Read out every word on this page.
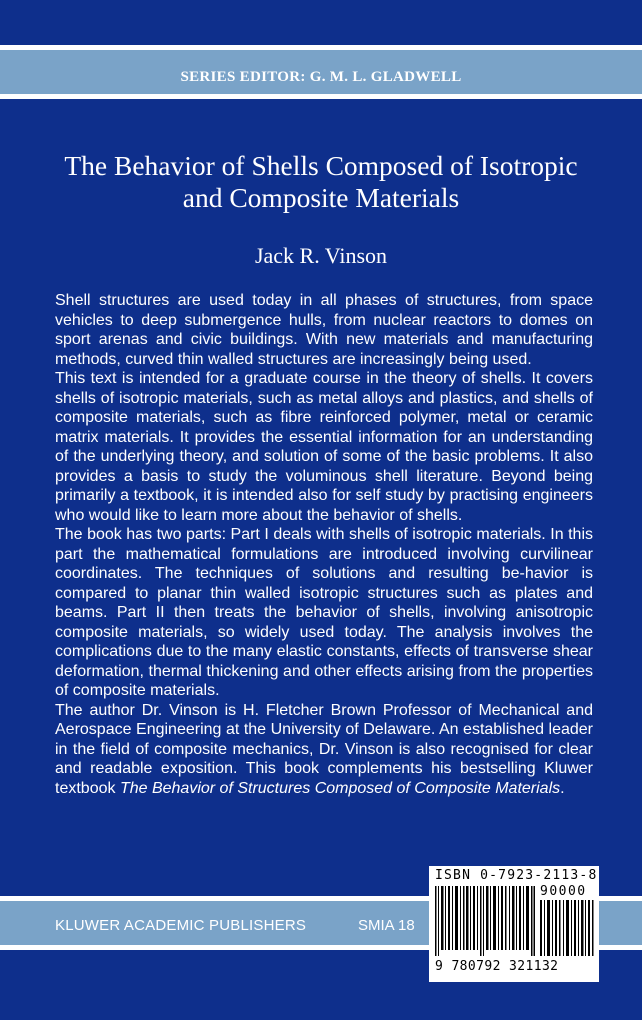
SERIES EDITOR: G. M. L. GLADWELL
The Behavior of Shells Composed of Isotropic
and Composite Materials
Jack R. Vinson

Shell structures are used today in all phases of structures, from space vehicles to deep submergence hulls, from nuclear reactors to domes on sport arenas and civic buildings. With new materials and manufacturing methods, curved thin walled structures are increasingly being used.

This text is intended for a graduate course in the theory of shells. It covers shells of isotropic materials, such as metal alloys and plastics, and shells of composite materials, such as fibre reinforced polymer, metal or ceramic matrix materials. It provides the essential information for an understanding of the underlying theory, and solution of some of the basic problems. It also provides a basis to study the voluminous shell literature. Beyond being primarily a textbook, it is intended also for self study by practising engineers who would like to learn more about the behavior of shells.

The book has two parts: Part I deals with shells of isotropic materials. In this part the mathematical formulations are introduced involving curvilinear coordinates. The techniques of solutions and resulting be-havior is compared to planar thin walled isotropic structures such as plates and beams. Part II then treats the behavior of shells, involving anisotropic composite materials, so widely used today. The analysis involves the complications due to the many elastic constants, effects of transverse shear deformation, thermal thickening and other effects arising from the properties of composite materials.

The author Dr. Vinson is H. Fletcher Brown Professor of Mechanical and Aerospace Engineering at the University of Delaware. An established leader in the field of composite mechanics, Dr. Vinson is also recognised for clear and readable exposition. This book complements his bestselling Kluwer textbook The Behavior of Structures Composed of Composite Materials.

KLUWER ACADEMIC PUBLISHERS	SMIA 18
ISBN 0-7923-2113-8
90000
9 780792 321132
